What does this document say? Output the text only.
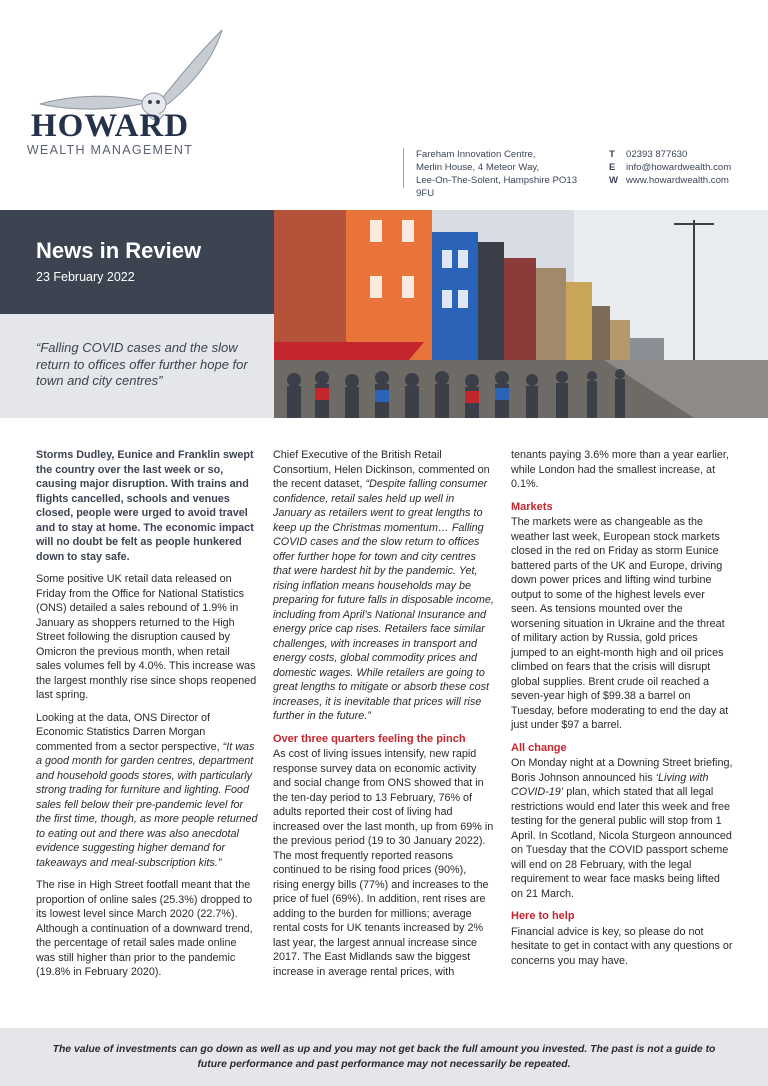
HOWARD
WEALTH MANAGEMENT	Fareham Innovation Centre,
Merlin House, 4 Meteor Way,
Lee-On-The-Solent, Hampshire PO13 9FU
T
E
W
02393 877630
info@howardwealth.com
www.howardwealth.com
News in Review
23 February 2022
“Falling COVID cases and the slow return to offices offer further hope for town and city centres”

Storms Dudley, Eunice and Franklin swept the country over the last week or so, causing major disruption. With trains and flights cancelled, schools and venues closed, people were urged to avoid travel and to stay at home. The economic impact will no doubt be felt as people hunkered down to stay safe.

Some positive UK retail data released on Friday from the Office for National Statistics (ONS) detailed a sales rebound of 1.9% in January as shoppers returned to the High Street following the disruption caused by Omicron the previous month, when retail sales volumes fell by 4.0%. This increase was the largest monthly rise since shops reopened last spring.

Looking at the data, ONS Director of Economic Statistics Darren Morgan commented from a sector perspective, “It was a good month for garden centres, department and household goods stores, with particularly strong trading for furniture and lighting. Food sales fell below their pre-pandemic level for the first time, though, as more people returned to eating out and there was also anecdotal evidence suggesting higher demand for takeaways and meal-subscription kits.”

The rise in High Street footfall meant that the proportion of online sales (25.3%) dropped to its lowest level since March 2020 (22.7%). Although a continuation of a downward trend, the percentage of retail sales made online was still higher than prior to the pandemic (19.8% in February 2020).

Chief Executive of the British Retail Consortium, Helen Dickinson, commented on the recent dataset, “Despite falling consumer confidence, retail sales held up well in January as retailers went to great lengths to keep up the Christmas momentum… Falling COVID cases and the slow return to offices offer further hope for town and city centres that were hardest hit by the pandemic. Yet, rising inflation means households may be preparing for future falls in disposable income, including from April’s National Insurance and energy price cap rises. Retailers face similar challenges, with increases in transport and energy costs, global commodity prices and domestic wages. While retailers are going to great lengths to mitigate or absorb these cost increases, it is inevitable that prices will rise further in the future.”

Over three quarters feeling the pinch

As cost of living issues intensify, new rapid response survey data on economic activity and social change from ONS showed that in the ten-day period to 13 February, 76% of adults reported their cost of living had increased over the last month, up from 69% in the previous period (19 to 30 January 2022). The most frequently reported reasons continued to be rising food prices (90%), rising energy bills (77%) and increases to the price of fuel (69%). In addition, rent rises are adding to the burden for millions; average rental costs for UK tenants increased by 2% last year, the largest annual increase since 2017. The East Midlands saw the biggest increase in average rental prices, with

tenants paying 3.6% more than a year earlier, while London had the smallest increase, at 0.1%.

Markets

The markets were as changeable as the weather last week, European stock markets closed in the red on Friday as storm Eunice battered parts of the UK and Europe, driving down power prices and lifting wind turbine output to some of the highest levels ever seen. As tensions mounted over the worsening situation in Ukraine and the threat of military action by Russia, gold prices jumped to an eight-month high and oil prices climbed on fears that the crisis will disrupt global supplies. Brent crude oil reached a seven-year high of $99.38 a barrel on Tuesday, before moderating to end the day at just under $97 a barrel.

All change

On Monday night at a Downing Street briefing, Boris Johnson announced his ‘Living with COVID-19’ plan, which stated that all legal restrictions would end later this week and free testing for the general public will stop from 1 April. In Scotland, Nicola Sturgeon announced on Tuesday that the COVID passport scheme will end on 28 February, with the legal requirement to wear face masks being lifted on 21 March.

Here to help

Financial advice is key, so please do not hesitate to get in contact with any questions or concerns you may have.

The value of investments can go down as well as up and you may not get back the full amount you invested. The past is not a guide to future performance and past performance may not necessarily be repeated.
